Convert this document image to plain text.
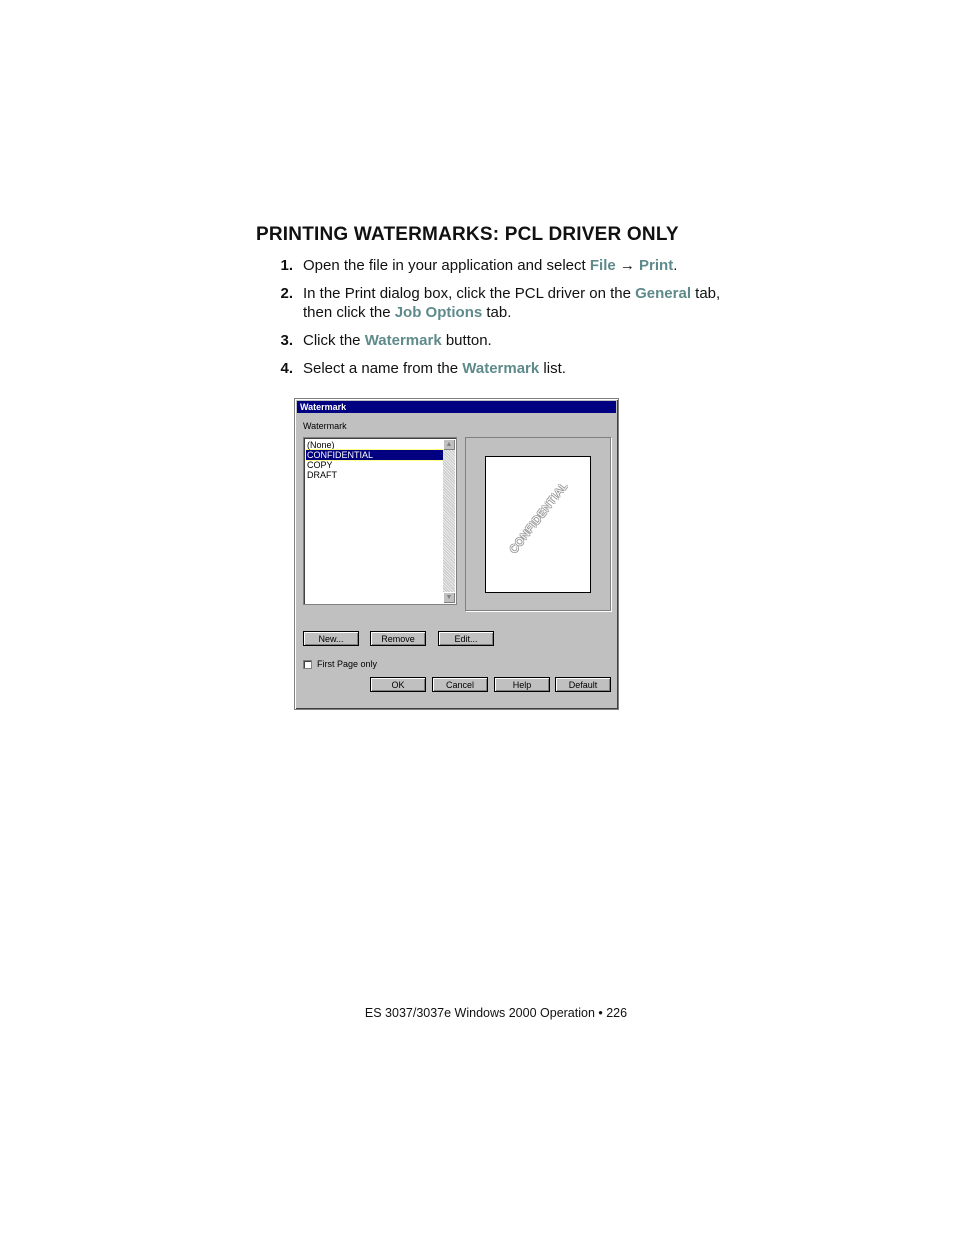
PRINTING WATERMARKS: PCL DRIVER ONLY
1. Open the file in your application and select File → Print.
2. In the Print dialog box, click the PCL driver on the General tab, then click the Job Options tab.
3. Click the Watermark button.
4. Select a name from the Watermark list.
Watermark
Watermark
(None)
CONFIDENTIAL
COPY
DRAFT
▲
▼
CONFIDENTIAL
New...	Remove	Edit...
First Page only
OK	Cancel	Help	Default
ES 3037/3037e Windows 2000 Operation • 226
